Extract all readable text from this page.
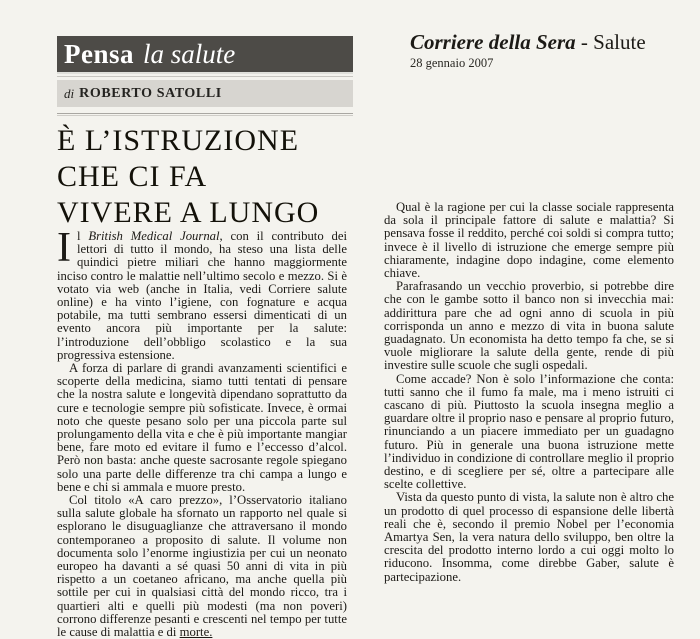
Pensa la salute
di ROBERTO SATOLLI
Corriere della Sera - Salute
28 gennaio 2007
È L’ISTRUZIONE
CHE CI FA
VIVERE A LUNGO

Il British Medical Journal, con il contributo dei lettori di tutto il mondo, ha steso una lista delle quindici pietre miliari che hanno maggiormente inciso contro le malattie nell’ultimo secolo e mezzo. Si è votato via web (anche in Italia, vedi Corriere salute online) e ha vinto l’igiene, con fognature e acqua potabile, ma tutti sembrano essersi dimenticati di un evento ancora più importante per la salute: l’introduzione dell’obbligo scolastico e la sua progressiva estensione.

A forza di parlare di grandi avanzamenti scientifici e scoperte della medicina, siamo tutti tentati di pensare che la nostra salute e longevità dipendano soprattutto da cure e tecnologie sempre più sofisticate. Invece, è ormai noto che queste pesano solo per una piccola parte sul prolungamento della vita e che è più importante mangiar bene, fare moto ed evitare il fumo e l’eccesso d’alcol. Però non basta: anche queste sacrosante regole spiegano solo una parte delle differenze tra chi campa a lungo e bene e chi si ammala e muore presto.

Col titolo «A caro prezzo», l’Osservatorio italiano sulla salute globale ha sfornato un rapporto nel quale si esplorano le disuguaglianze che attraversano il mondo contemporaneo a proposito di salute. Il volume non documenta solo l’enorme ingiustizia per cui un neonato europeo ha davanti a sé quasi 50 anni di vita in più rispetto a un coetaneo africano, ma anche quella più sottile per cui in qualsiasi città del mondo ricco, tra i quartieri alti e quelli più modesti (ma non poveri) corrono differenze pesanti e crescenti nel tempo per tutte le cause di malattia e di morte.

Qual è la ragione per cui la classe sociale rappresenta da sola il principale fattore di salute e malattia? Si pensava fosse il reddito, perché coi soldi si compra tutto; invece è il livello di istruzione che emerge sempre più chiaramente, indagine dopo indagine, come elemento chiave.

Parafrasando un vecchio proverbio, si potrebbe dire che con le gambe sotto il banco non si invecchia mai: addirittura pare che ad ogni anno di scuola in più corrisponda un anno e mezzo di vita in buona salute guadagnato. Un economista ha detto tempo fa che, se si vuole migliorare la salute della gente, rende di più investire sulle scuole che sugli ospedali.

Come accade? Non è solo l’informazione che conta: tutti sanno che il fumo fa male, ma i meno istruiti ci cascano di più. Piuttosto la scuola insegna meglio a guardare oltre il proprio naso e pensare al proprio futuro, rinunciando a un piacere immediato per un guadagno futuro. Più in generale una buona istruzione mette l’individuo in condizione di controllare meglio il proprio destino, e di scegliere per sé, oltre a partecipare alle scelte collettive.

Vista da questo punto di vista, la salute non è altro che un prodotto di quel processo di espansione delle libertà reali che è, secondo il premio Nobel per l’economia Amartya Sen, la vera natura dello sviluppo, ben oltre la crescita del prodotto interno lordo a cui oggi molto lo riducono. Insomma, come direbbe Gaber, salute è partecipazione.
